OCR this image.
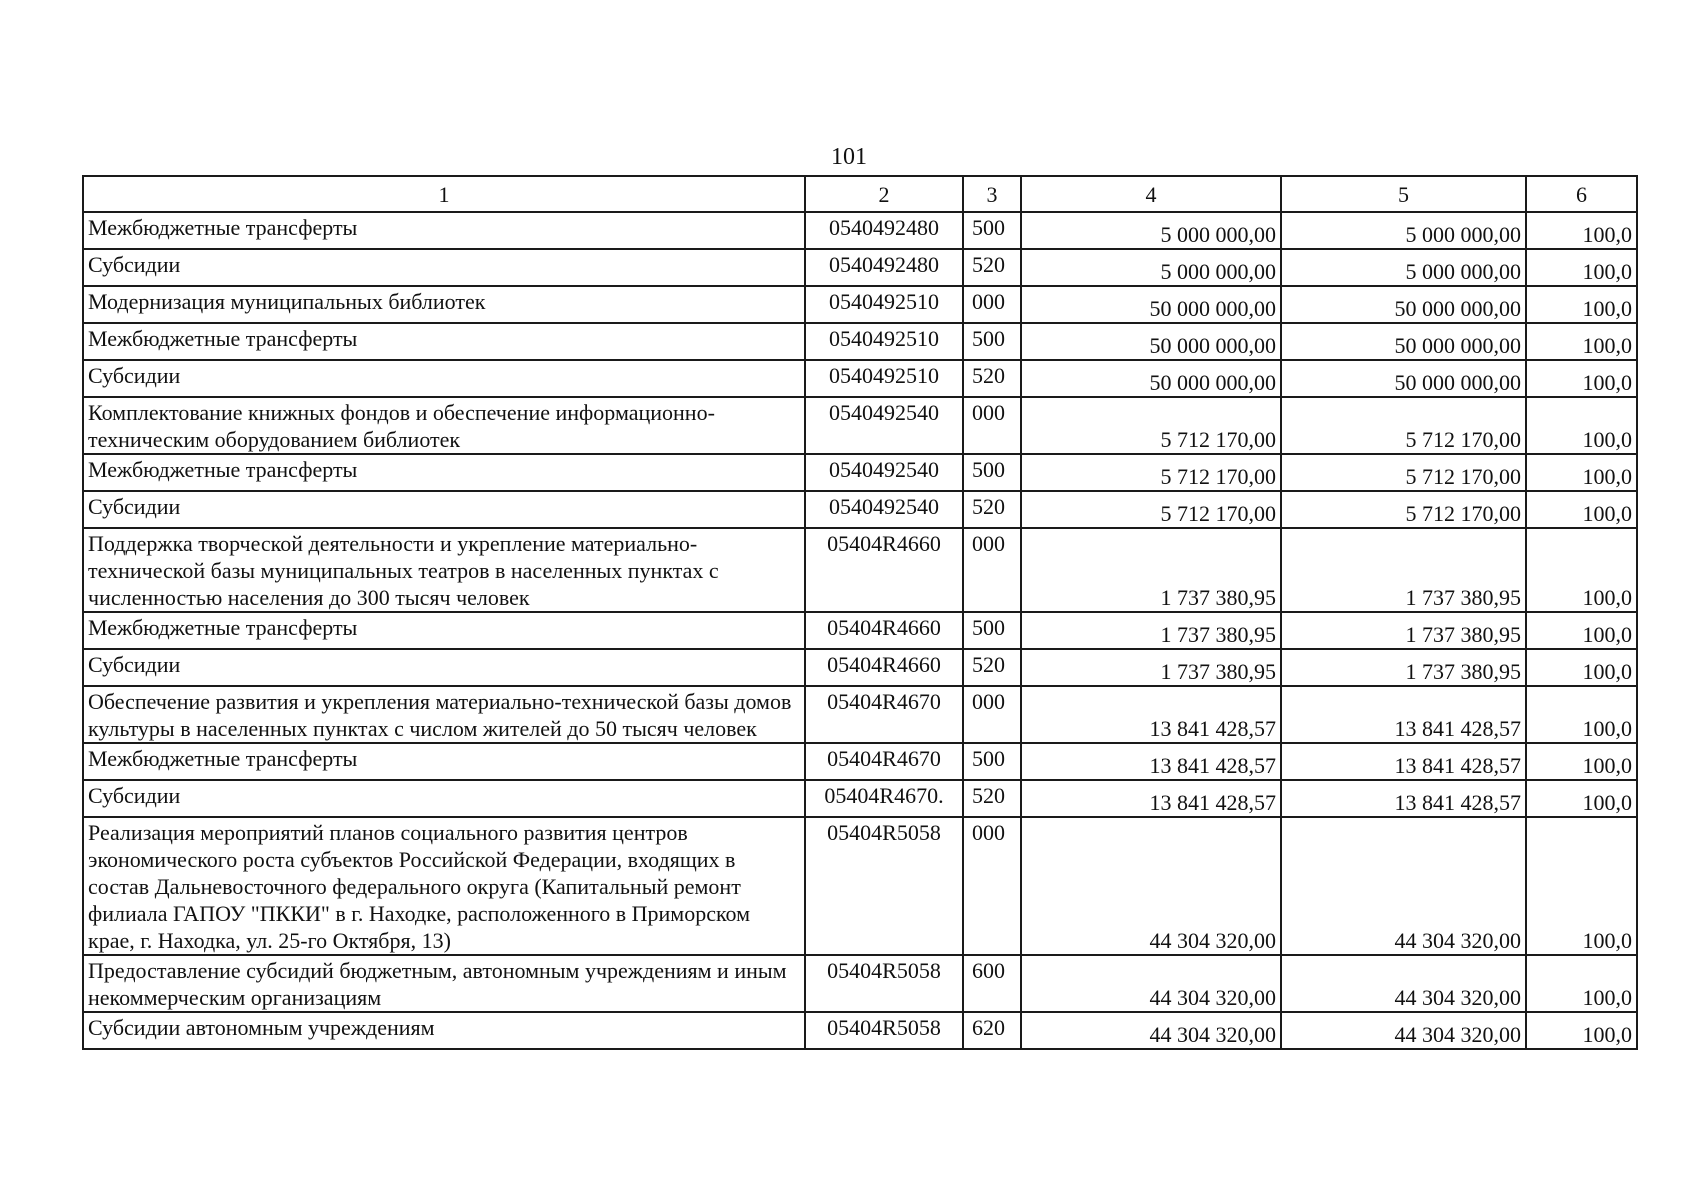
101
1	2	3	4	5	6
Межбюджетные трансферты	0540492480	500	5 000 000,00	5 000 000,00	100,0
Субсидии	0540492480	520	5 000 000,00	5 000 000,00	100,0
Модернизация муниципальных библиотек	0540492510	000	50 000 000,00	50 000 000,00	100,0
Межбюджетные трансферты	0540492510	500	50 000 000,00	50 000 000,00	100,0
Субсидии	0540492510	520	50 000 000,00	50 000 000,00	100,0
Комплектование книжных фондов и обеспечение информационно-техническим оборудованием библиотек	0540492540	000	5 712 170,00	5 712 170,00	100,0
Межбюджетные трансферты	0540492540	500	5 712 170,00	5 712 170,00	100,0
Субсидии	0540492540	520	5 712 170,00	5 712 170,00	100,0
Поддержка творческой деятельности и укрепление материально-технической базы муниципальных театров в населенных пунктах с численностью населения до 300 тысяч человек	05404R4660	000	1 737 380,95	1 737 380,95	100,0
Межбюджетные трансферты	05404R4660	500	1 737 380,95	1 737 380,95	100,0
Субсидии	05404R4660	520	1 737 380,95	1 737 380,95	100,0
Обеспечение развития и укрепления материально-технической базы домов культуры в населенных пунктах с числом жителей до 50 тысяч человек	05404R4670	000	13 841 428,57	13 841 428,57	100,0
Межбюджетные трансферты	05404R4670	500	13 841 428,57	13 841 428,57	100,0
Субсидии	05404R4670.	520	13 841 428,57	13 841 428,57	100,0
Реализация мероприятий планов социального развития центров экономического роста субъектов Российской Федерации, входящих в состав Дальневосточного федерального округа (Капитальный ремонт филиала ГАПОУ "ПККИ" в г. Находке, расположенного в Приморском крае, г. Находка, ул. 25-го Октября, 13)	05404R5058	000	44 304 320,00	44 304 320,00	100,0
Предоставление субсидий бюджетным, автономным учреждениям и иным некоммерческим организациям	05404R5058	600	44 304 320,00	44 304 320,00	100,0
Субсидии автономным учреждениям	05404R5058	620	44 304 320,00	44 304 320,00	100,0
